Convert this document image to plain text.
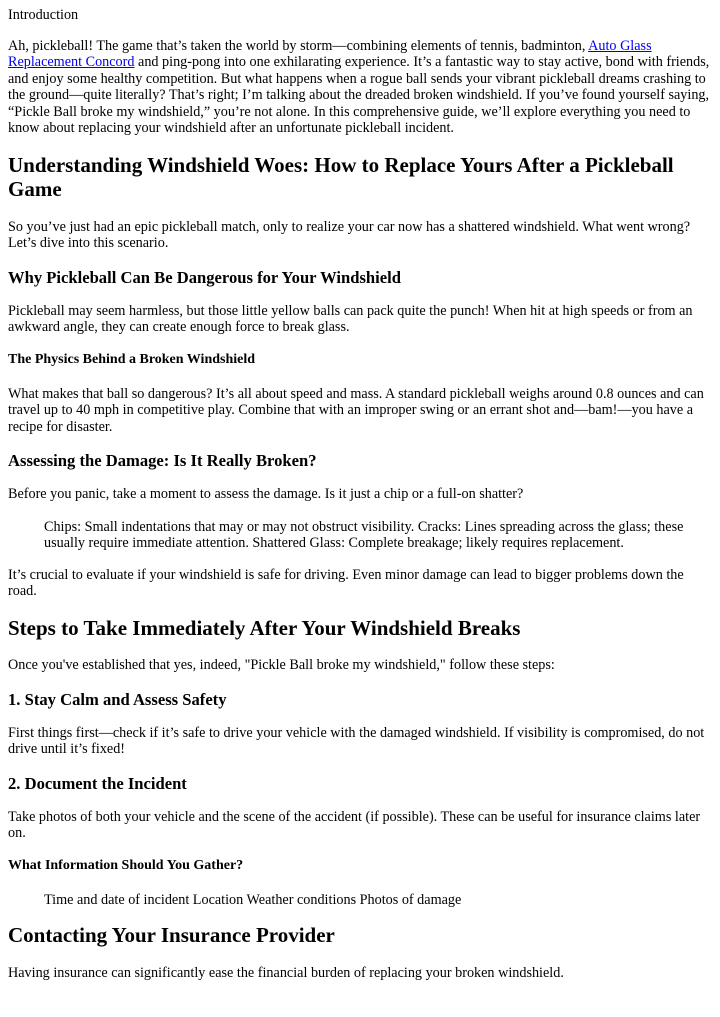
Introduction

Ah, pickleball! The game that’s taken the world by storm—combining elements of tennis, badminton, Auto Glass Replacement Concord and ping-pong into one exhilarating experience. It’s a fantastic way to stay active, bond with friends, and enjoy some healthy competition. But what happens when a rogue ball sends your vibrant pickleball dreams crashing to the ground—quite literally? That’s right; I’m talking about the dreaded broken windshield. If you’ve found yourself saying, “Pickle Ball broke my windshield,” you’re not alone. In this comprehensive guide, we’ll explore everything you need to know about replacing your windshield after an unfortunate pickleball incident.

Understanding Windshield Woes: How to Replace Yours After a Pickleball Game

So you’ve just had an epic pickleball match, only to realize your car now has a shattered windshield. What went wrong? Let’s dive into this scenario.

Why Pickleball Can Be Dangerous for Your Windshield

Pickleball may seem harmless, but those little yellow balls can pack quite the punch! When hit at high speeds or from an awkward angle, they can create enough force to break glass.

The Physics Behind a Broken Windshield

What makes that ball so dangerous? It’s all about speed and mass. A standard pickleball weighs around 0.8 ounces and can travel up to 40 mph in competitive play. Combine that with an improper swing or an errant shot and—bam!—you have a recipe for disaster.

Assessing the Damage: Is It Really Broken?

Before you panic, take a moment to assess the damage. Is it just a chip or a full-on shatter?

Chips: Small indentations that may or may not obstruct visibility. Cracks: Lines spreading across the glass; these usually require immediate attention. Shattered Glass: Complete breakage; likely requires replacement.

It’s crucial to evaluate if your windshield is safe for driving. Even minor damage can lead to bigger problems down the road.

Steps to Take Immediately After Your Windshield Breaks

Once you've established that yes, indeed, "Pickle Ball broke my windshield," follow these steps:

1. Stay Calm and Assess Safety

First things first—check if it’s safe to drive your vehicle with the damaged windshield. If visibility is compromised, do not drive until it’s fixed!

2. Document the Incident

Take photos of both your vehicle and the scene of the accident (if possible). These can be useful for insurance claims later on.

What Information Should You Gather?
Time and date of incident Location Weather conditions Photos of damage
Contacting Your Insurance Provider

Having insurance can significantly ease the financial burden of replacing your broken windshield.
